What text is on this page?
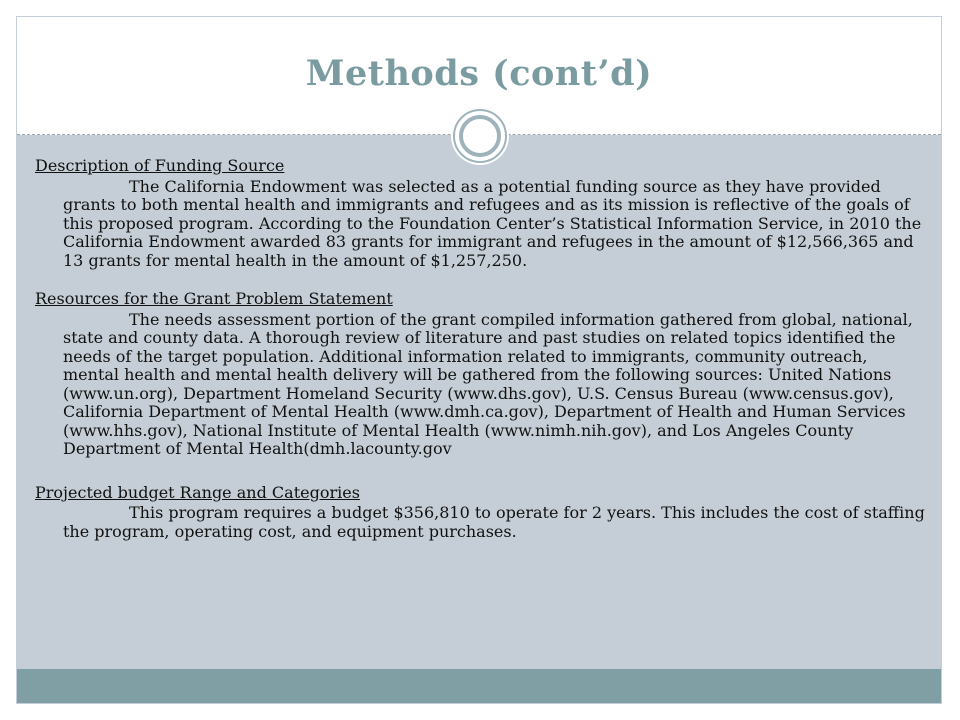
Methods (cont’d)

Description of Funding Source

The California Endowment was selected as a potential funding source as they have provided grants to both mental health and immigrants and refugees and as its mission is reflective of the goals of this proposed program. According to the Foundation Center’s Statistical Information Service, in 2010 the California Endowment awarded 83 grants for immigrant and refugees in the amount of $12,566,365 and 13 grants for mental health in the amount of $1,257,250.

Resources for the Grant Problem Statement

The needs assessment portion of the grant compiled information gathered from global, national, state and county data. A thorough review of literature and past studies on related topics identified the needs of the target population. Additional information related to immigrants, community outreach, mental health and mental health delivery will be gathered from the following sources: United Nations (www.un.org), Department Homeland Security (www.dhs.gov), U.S. Census Bureau (www.census.gov), California Department of Mental Health (www.dmh.ca.gov), Department of Health and Human Services (www.hhs.gov), National Institute of Mental Health (www.nimh.nih.gov), and Los Angeles County Department of Mental Health(dmh.lacounty.gov

Projected budget Range and Categories

This program requires a budget $356,810 to operate for 2 years. This includes the cost of staffing the program, operating cost, and equipment purchases.
